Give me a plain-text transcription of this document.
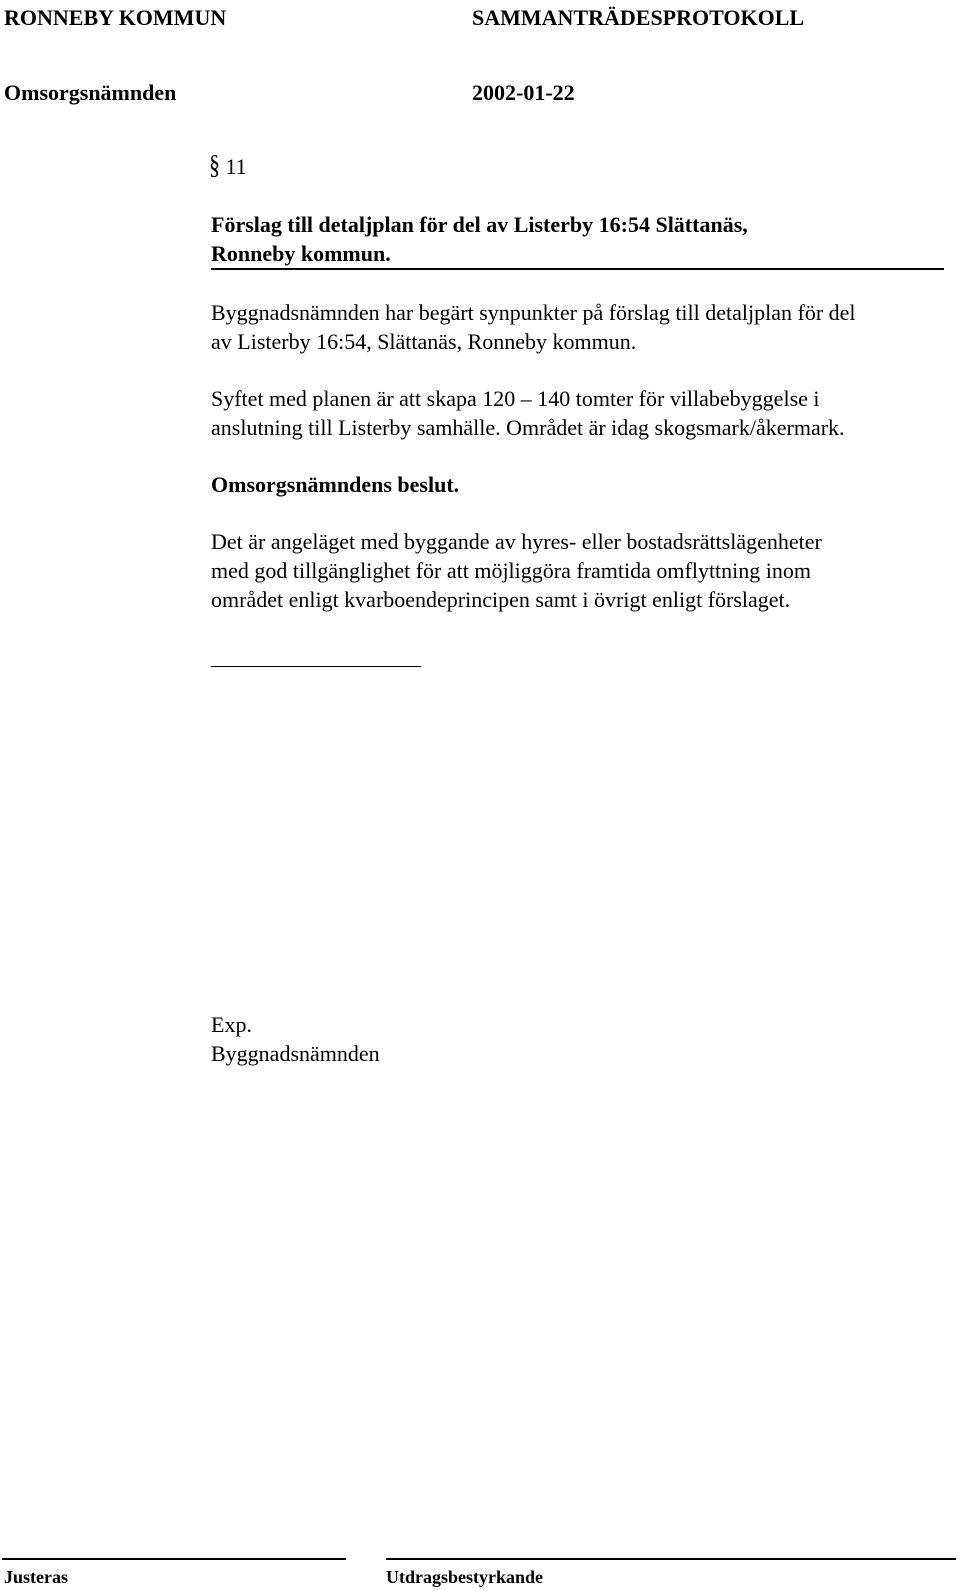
RONNEBY KOMMUN	SAMMANTRÄDESPROTOKOLL
Omsorgsnämnden	2002-01-22
§ 11
Förslag till detaljplan för del av Listerby 16:54 Slättanäs,
Ronneby kommun.
Byggnadsnämnden har begärt synpunkter på förslag till detaljplan för del
av Listerby 16:54, Slättanäs, Ronneby kommun.
Syftet med planen är att skapa 120 – 140 tomter för villabebyggelse i
anslutning till Listerby samhälle. Området är idag skogsmark/åkermark.
Omsorgsnämndens beslut.
Det är angeläget med byggande av hyres- eller bostadsrättslägenheter
med god tillgänglighet för att möjliggöra framtida omflyttning inom
området enligt kvarboendeprincipen samt i övrigt enligt förslaget.
Exp.
Byggnadsnämnden
Justeras	Utdragsbestyrkande
